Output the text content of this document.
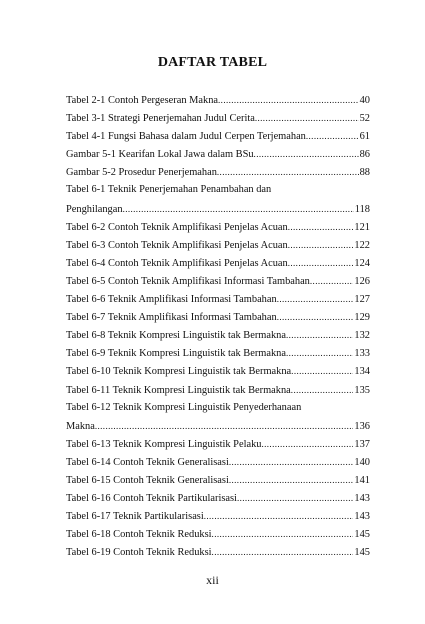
DAFTAR TABEL
Tabel 2-1 Contoh Pergeseran Makna .....	40
Tabel 3-1 Strategi Penerjemahan Judul Cerita .....	52
Tabel 4-1 Fungsi Bahasa dalam Judul Cerpen Terjemahan .....	61
Gambar 5-1 Kearifan Lokal Jawa dalam BSu .....	86
Gambar 5-2 Prosedur Penerjemahan .....	88
Tabel 6-1 Teknik Penerjemahan Penambahan dan
Penghilangan .....	118
Tabel 6-2 Contoh Teknik Amplifikasi Penjelas Acuan .....	121
Tabel 6-3 Contoh Teknik Amplifikasi Penjelas Acuan .....	122
Tabel 6-4 Contoh Teknik Amplifikasi Penjelas Acuan .....	124
Tabel 6-5 Contoh Teknik Amplifikasi Informasi Tambahan .....	126
Tabel 6-6 Teknik Amplifikasi Informasi Tambahan .....	127
Tabel 6-7 Teknik Amplifikasi Informasi Tambahan .....	129
Tabel 6-8 Teknik Kompresi Linguistik tak Bermakna .....	132
Tabel 6-9 Teknik Kompresi Linguistik tak Bermakna .....	133
Tabel 6-10 Teknik Kompresi Linguistik tak Bermakna .....	134
Tabel 6-11 Teknik Kompresi Linguistik tak Bermakna .....	135
Tabel 6-12 Teknik Kompresi Linguistik Penyederhanaan
Makna .....	136
Tabel 6-13 Teknik Kompresi Linguistik Pelaku .....	137
Tabel 6-14 Contoh Teknik Generalisasi .....	140
Tabel 6-15 Contoh Teknik Generalisasi .....	141
Tabel 6-16 Contoh Teknik Partikularisasi .....	143
Tabel 6-17 Teknik Partikularisasi .....	143
Tabel 6-18 Contoh Teknik Reduksi .....	145
Tabel 6-19 Contoh Teknik Reduksi .....	145
xii
